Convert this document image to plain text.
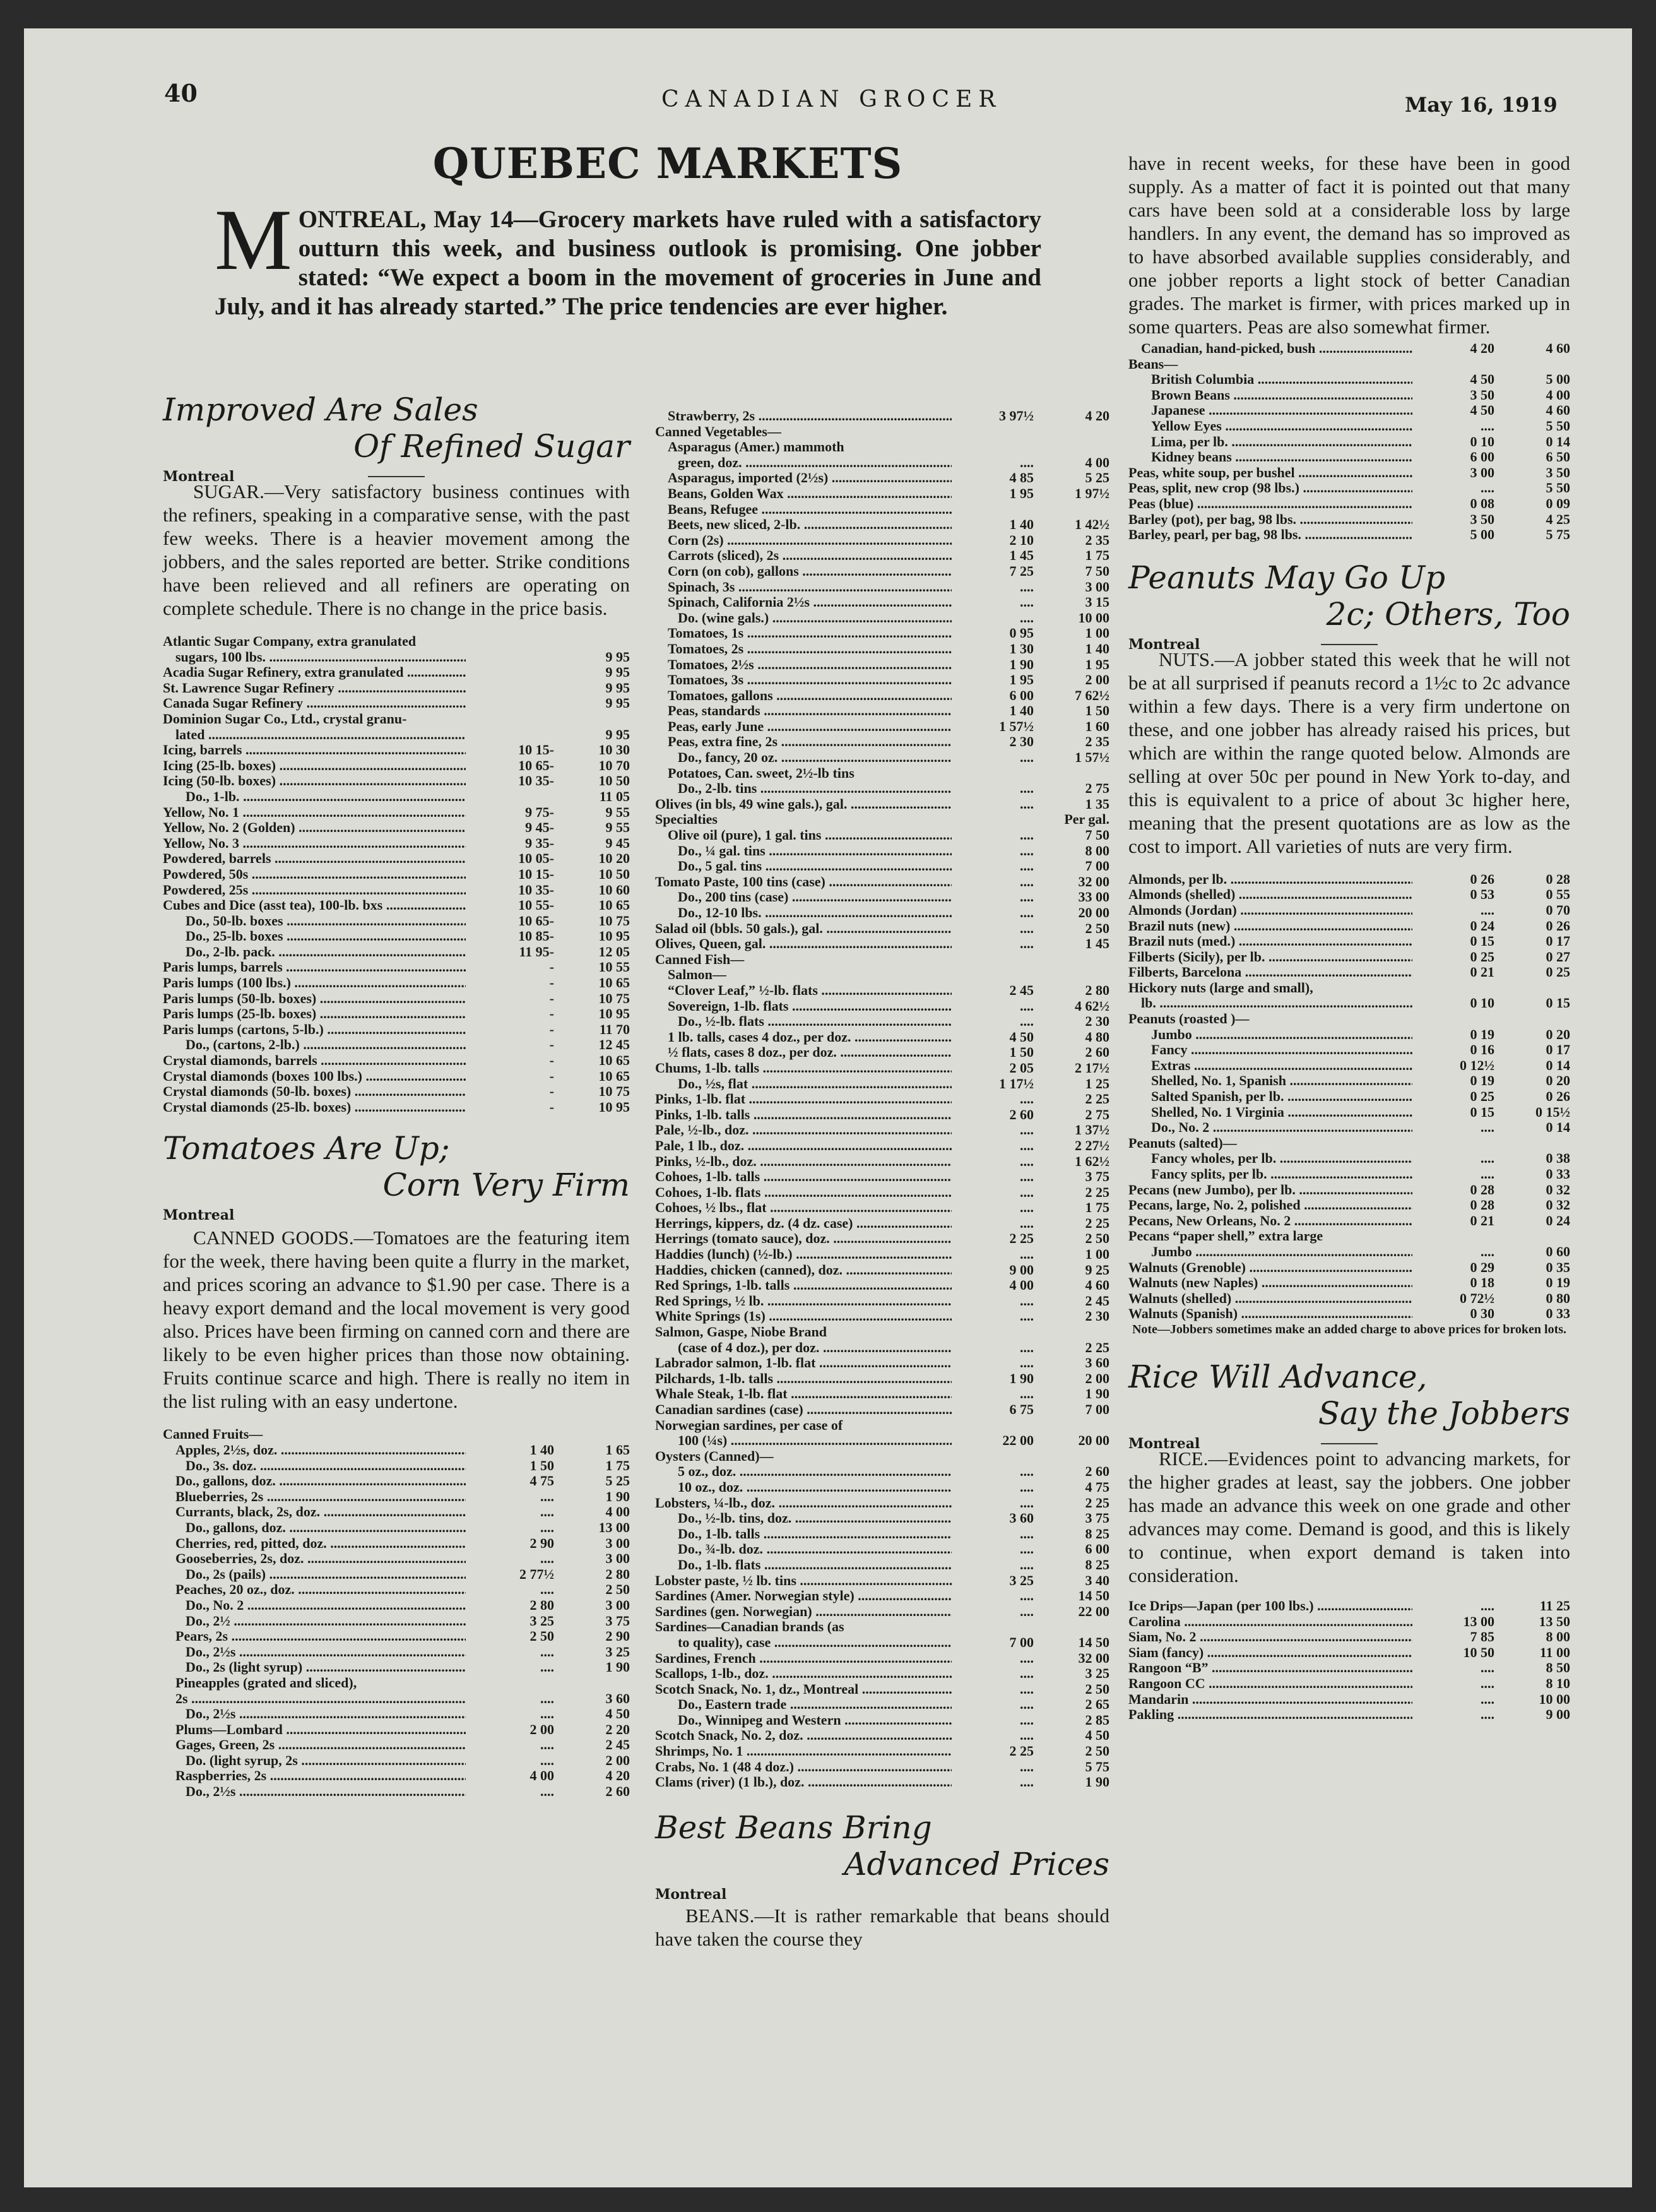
40	CANADIAN GROCER	May 16, 1919
QUEBEC MARKETS
MONTREAL, May 14—Grocery markets have ruled with a satisfactory outturn this week, and business outlook is promising. One jobber stated: “We expect a boom in the movement of groceries in June and July, and it has already started.” The price tendencies are ever higher.
Improved Are Sales
Of Refined Sugar
Montreal
SUGAR.—Very satisfactory business continues with the refiners, speaking in a comparative sense, with the past few weeks. There is a heavier movement among the jobbers, and the sales reported are better. Strike conditions have been relieved and all refiners are operating on complete schedule. There is no change in the price basis.
Atlantic Sugar Company, extra granulated
sugars, 100 lbs. .....	9 95
Acadia Sugar Refinery, extra granulated .....	9 95
St. Lawrence Sugar Refinery .....	9 95
Canada Sugar Refinery .....	9 95
Dominion Sugar Co., Ltd., crystal granu-
lated .....	9 95
Icing, barrels .....	10 15-	10 30
Icing (25-lb. boxes) .....	10 65-	10 70
Icing (50-lb. boxes) .....	10 35-	10 50
Do., 1-lb. .....	11 05
Yellow, No. 1 .....	9 75-	9 55
Yellow, No. 2 (Golden) .....	9 45-	9 55
Yellow, No. 3 .....	9 35-	9 45
Powdered, barrels .....	10 05-	10 20
Powdered, 50s .....	10 15-	10 50
Powdered, 25s .....	10 35-	10 60
Cubes and Dice (asst tea), 100-lb. bxs .....	10 55-	10 65
Do., 50-lb. boxes .....	10 65-	10 75
Do., 25-lb. boxes .....	10 85-	10 95
Do., 2-lb. pack. .....	11 95-	12 05
Paris lumps, barrels .....	-	10 55
Paris lumps (100 lbs.) .....	-	10 65
Paris lumps (50-lb. boxes) .....	-	10 75
Paris lumps (25-lb. boxes) .....	-	10 95
Paris lumps (cartons, 5-lb.) .....	-	11 70
Do., (cartons, 2-lb.) .....	-	12 45
Crystal diamonds, barrels .....	-	10 65
Crystal diamonds (boxes 100 lbs.) .....	-	10 65
Crystal diamonds (50-lb. boxes) .....	-	10 75
Crystal diamonds (25-lb. boxes) .....	-	10 95
Tomatoes Are Up;
Corn Very Firm
Montreal
CANNED GOODS.—Tomatoes are the featuring item for the week, there having been quite a flurry in the market, and prices scoring an advance to $1.90 per case. There is a heavy export demand and the local movement is very good also. Prices have been firming on canned corn and there are likely to be even higher prices than those now obtaining. Fruits continue scarce and high. There is really no item in the list ruling with an easy undertone.
Canned Fruits—
Apples, 2½s, doz. .....	1 40	1 65
Do., 3s. doz. .....	1 50	1 75
Do., gallons, doz. .....	4 75	5 25
Blueberries, 2s .....	....	1 90
Currants, black, 2s, doz. .....	....	4 00
Do., gallons, doz. .....	....	13 00
Cherries, red, pitted, doz. .....	2 90	3 00
Gooseberries, 2s, doz. .....	....	3 00
Do., 2s (pails) .....	2 77½	2 80
Peaches, 20 oz., doz. .....	....	2 50
Do., No. 2 .....	2 80	3 00
Do., 2½ .....	3 25	3 75
Pears, 2s .....	2 50	2 90
Do., 2½s .....	....	3 25
Do., 2s (light syrup) .....	....	1 90
Pineapples (grated and sliced),
2s .....	....	3 60
Do., 2½s .....	....	4 50
Plums—Lombard .....	2 00	2 20
Gages, Green, 2s .....	....	2 45
Do. (light syrup, 2s .....	....	2 00
Raspberries, 2s .....	4 00	4 20
Do., 2½s .....	....	2 60
Strawberry, 2s .....	3 97½	4 20
Canned Vegetables—
Asparagus (Amer.) mammoth
green, doz. .....	....	4 00
Asparagus, imported (2½s) .....	4 85	5 25
Beans, Golden Wax .....	1 95	1 97½
Beans, Refugee .....
Beets, new sliced, 2-lb. .....	1 40	1 42½
Corn (2s) .....	2 10	2 35
Carrots (sliced), 2s .....	1 45	1 75
Corn (on cob), gallons .....	7 25	7 50
Spinach, 3s .....	....	3 00
Spinach, California 2½s .....	....	3 15
Do. (wine gals.) .....	....	10 00
Tomatoes, 1s .....	0 95	1 00
Tomatoes, 2s .....	1 30	1 40
Tomatoes, 2½s .....	1 90	1 95
Tomatoes, 3s .....	1 95	2 00
Tomatoes, gallons .....	6 00	7 62½
Peas, standards .....	1 40	1 50
Peas, early June .....	1 57½	1 60
Peas, extra fine, 2s .....	2 30	2 35
Do., fancy, 20 oz. .....	....	1 57½
Potatoes, Can. sweet, 2½-lb tins
Do., 2-lb. tins .....	....	2 75
Olives (in bls, 49 wine gals.), gal. .....	....	1 35
Specialties	Per gal.
Olive oil (pure), 1 gal. tins .....	....	7 50
Do., ¼ gal. tins .....	....	8 00
Do., 5 gal. tins .....	....	7 00
Tomato Paste, 100 tins (case) .....	....	32 00
Do., 200 tins (case) .....	....	33 00
Do., 12-10 lbs. .....	....	20 00
Salad oil (bbls. 50 gals.), gal. .....	....	2 50
Olives, Queen, gal. .....	....	1 45
Canned Fish—
Salmon—
“Clover Leaf,” ½-lb. flats .....	2 45	2 80
Sovereign, 1-lb. flats .....	....	4 62½
Do., ½-lb. flats .....	....	2 30
1 lb. talls, cases 4 doz., per doz. .....	4 50	4 80
½ flats, cases 8 doz., per doz. .....	1 50	2 60
Chums, 1-lb. talls .....	2 05	2 17½
Do., ½s, flat .....	1 17½	1 25
Pinks, 1-lb. flat .....	....	2 25
Pinks, 1-lb. talls .....	2 60	2 75
Pale, ½-lb., doz. .....	....	1 37½
Pale, 1 lb., doz. .....	....	2 27½
Pinks, ½-lb., doz. .....	....	1 62½
Cohoes, 1-lb. talls .....	....	3 75
Cohoes, 1-lb. flats .....	....	2 25
Cohoes, ½ lbs., flat .....	....	1 75
Herrings, kippers, dz. (4 dz. case) .....	....	2 25
Herrings (tomato sauce), doz. .....	2 25	2 50
Haddies (lunch) (½-lb.) .....	....	1 00
Haddies, chicken (canned), doz. .....	9 00	9 25
Red Springs, 1-lb. talls .....	4 00	4 60
Red Springs, ½ lb. .....	....	2 45
White Springs (1s) .....	....	2 30
Salmon, Gaspe, Niobe Brand
(case of 4 doz.), per doz. .....	....	2 25
Labrador salmon, 1-lb. flat .....	....	3 60
Pilchards, 1-lb. talls .....	1 90	2 00
Whale Steak, 1-lb. flat .....	....	1 90
Canadian sardines (case) .....	6 75	7 00
Norwegian sardines, per case of
100 (¼s) .....	22 00	20 00
Oysters (Canned)—
5 oz., doz. .....	....	2 60
10 oz., doz. .....	....	4 75
Lobsters, ¼-lb., doz. .....	....	2 25
Do., ½-lb. tins, doz. .....	3 60	3 75
Do., 1-lb. talls .....	....	8 25
Do., ¾-lb. doz. .....	....	6 00
Do., 1-lb. flats .....	....	8 25
Lobster paste, ½ lb. tins .....	3 25	3 40
Sardines (Amer. Norwegian style) .....	....	14 50
Sardines (gen. Norwegian) .....	....	22 00
Sardines—Canadian brands (as
to quality), case .....	7 00	14 50
Sardines, French .....	....	32 00
Scallops, 1-lb., doz. .....	....	3 25
Scotch Snack, No. 1, dz., Montreal .....	....	2 50
Do., Eastern trade .....	....	2 65
Do., Winnipeg and Western .....	....	2 85
Scotch Snack, No. 2, doz. .....	....	4 50
Shrimps, No. 1 .....	2 25	2 50
Crabs, No. 1 (48 4 doz.) .....	....	5 75
Clams (river) (1 lb.), doz. .....	....	1 90
Best Beans Bring
Advanced Prices
Montreal
BEANS.—It is rather remarkable that beans should have taken the course they
have in recent weeks, for these have been in good supply. As a matter of fact it is pointed out that many cars have been sold at a considerable loss by large handlers. In any event, the demand has so improved as to have absorbed available supplies considerably, and one jobber reports a light stock of better Canadian grades. The market is firmer, with prices marked up in some quarters. Peas are also somewhat firmer.
Canadian, hand-picked, bush .....	4 20	4 60
Beans—
British Columbia .....	4 50	5 00
Brown Beans .....	3 50	4 00
Japanese .....	4 50	4 60
Yellow Eyes .....	....	5 50
Lima, per lb. .....	0 10	0 14
Kidney beans .....	6 00	6 50
Peas, white soup, per bushel .....	3 00	3 50
Peas, split, new crop (98 lbs.) .....	....	5 50
Peas (blue) .....	0 08	0 09
Barley (pot), per bag, 98 lbs. .....	3 50	4 25
Barley, pearl, per bag, 98 lbs. .....	5 00	5 75
Peanuts May Go Up
2c; Others, Too
Montreal
NUTS.—A jobber stated this week that he will not be at all surprised if peanuts record a 1½c to 2c advance within a few days. There is a very firm undertone on these, and one jobber has already raised his prices, but which are within the range quoted below. Almonds are selling at over 50c per pound in New York to-day, and this is equivalent to a price of about 3c higher here, meaning that the present quotations are as low as the cost to import. All varieties of nuts are very firm.
Almonds, per lb. .....	0 26	0 28
Almonds (shelled) .....	0 53	0 55
Almonds (Jordan) .....	....	0 70
Brazil nuts (new) .....	0 24	0 26
Brazil nuts (med.) .....	0 15	0 17
Filberts (Sicily), per lb. .....	0 25	0 27
Filberts, Barcelona .....	0 21	0 25
Hickory nuts (large and small),
lb. .....	0 10	0 15
Peanuts (roasted )—
Jumbo .....	0 19	0 20
Fancy .....	0 16	0 17
Extras .....	0 12½	0 14
Shelled, No. 1, Spanish .....	0 19	0 20
Salted Spanish, per lb. .....	0 25	0 26
Shelled, No. 1 Virginia .....	0 15	0 15½
Do., No. 2 .....	....	0 14
Peanuts (salted)—
Fancy wholes, per lb. .....	....	0 38
Fancy splits, per lb. .....	....	0 33
Pecans (new Jumbo), per lb. .....	0 28	0 32
Pecans, large, No. 2, polished .....	0 28	0 32
Pecans, New Orleans, No. 2 .....	0 21	0 24
Pecans “paper shell,” extra large
Jumbo .....	....	0 60
Walnuts (Grenoble) .....	0 29	0 35
Walnuts (new Naples) .....	0 18	0 19
Walnuts (shelled) .....	0 72½	0 80
Walnuts (Spanish) .....	0 30	0 33
Note—Jobbers sometimes make an added charge to above prices for broken lots.
Rice Will Advance,
Say the Jobbers
Montreal
RICE.—Evidences point to advancing markets, for the higher grades at least, say the jobbers. One jobber has made an advance this week on one grade and other advances may come. Demand is good, and this is likely to continue, when export demand is taken into consideration.
Ice Drips—Japan (per 100 lbs.) .....	....	11 25
Carolina .....	13 00	13 50
Siam, No. 2 .....	7 85	8 00
Siam (fancy) .....	10 50	11 00
Rangoon “B” .....	....	8 50
Rangoon CC .....	....	8 10
Mandarin .....	....	10 00
Pakling .....	....	9 00
